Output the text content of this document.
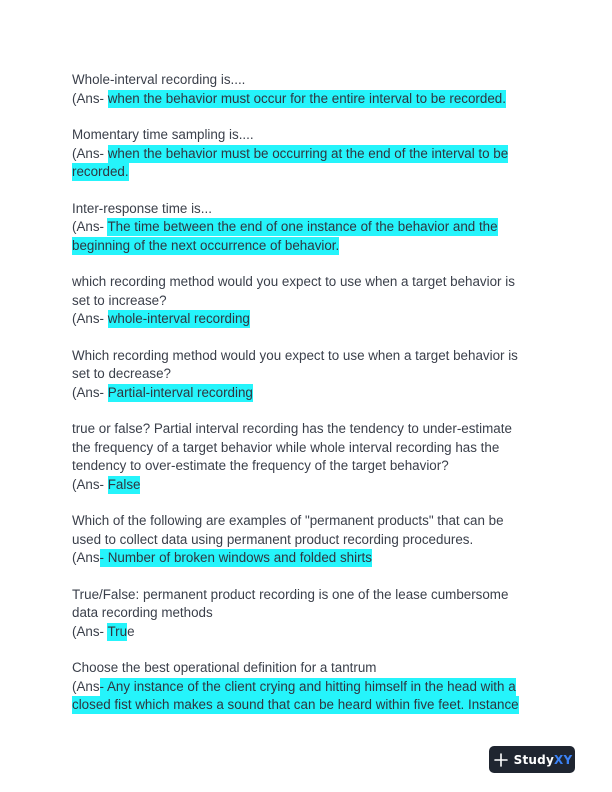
Whole-interval recording is....
(Ans- when the behavior must occur for the entire interval to be recorded.
Momentary time sampling is....
(Ans- when the behavior must be occurring at the end of the interval to be
recorded.
Inter-response time is...
(Ans- The time between the end of one instance of the behavior and the
beginning of the next occurrence of behavior.
which recording method would you expect to use when a target behavior is
set to increase?
(Ans- whole-interval recording
Which recording method would you expect to use when a target behavior is
set to decrease?
(Ans- Partial-interval recording
true or false? Partial interval recording has the tendency to under-estimate
the frequency of a target behavior while whole interval recording has the
tendency to over-estimate the frequency of the target behavior?
(Ans- False
Which of the following are examples of "permanent products" that can be
used to collect data using permanent product recording procedures.
(Ans- Number of broken windows and folded shirts
True/False: permanent product recording is one of the lease cumbersome
data recording methods
(Ans- True
Choose the best operational definition for a tantrum
(Ans- Any instance of the client crying and hitting himself in the head with a
closed fist which makes a sound that can be heard within five feet. Instance
StudyXY
